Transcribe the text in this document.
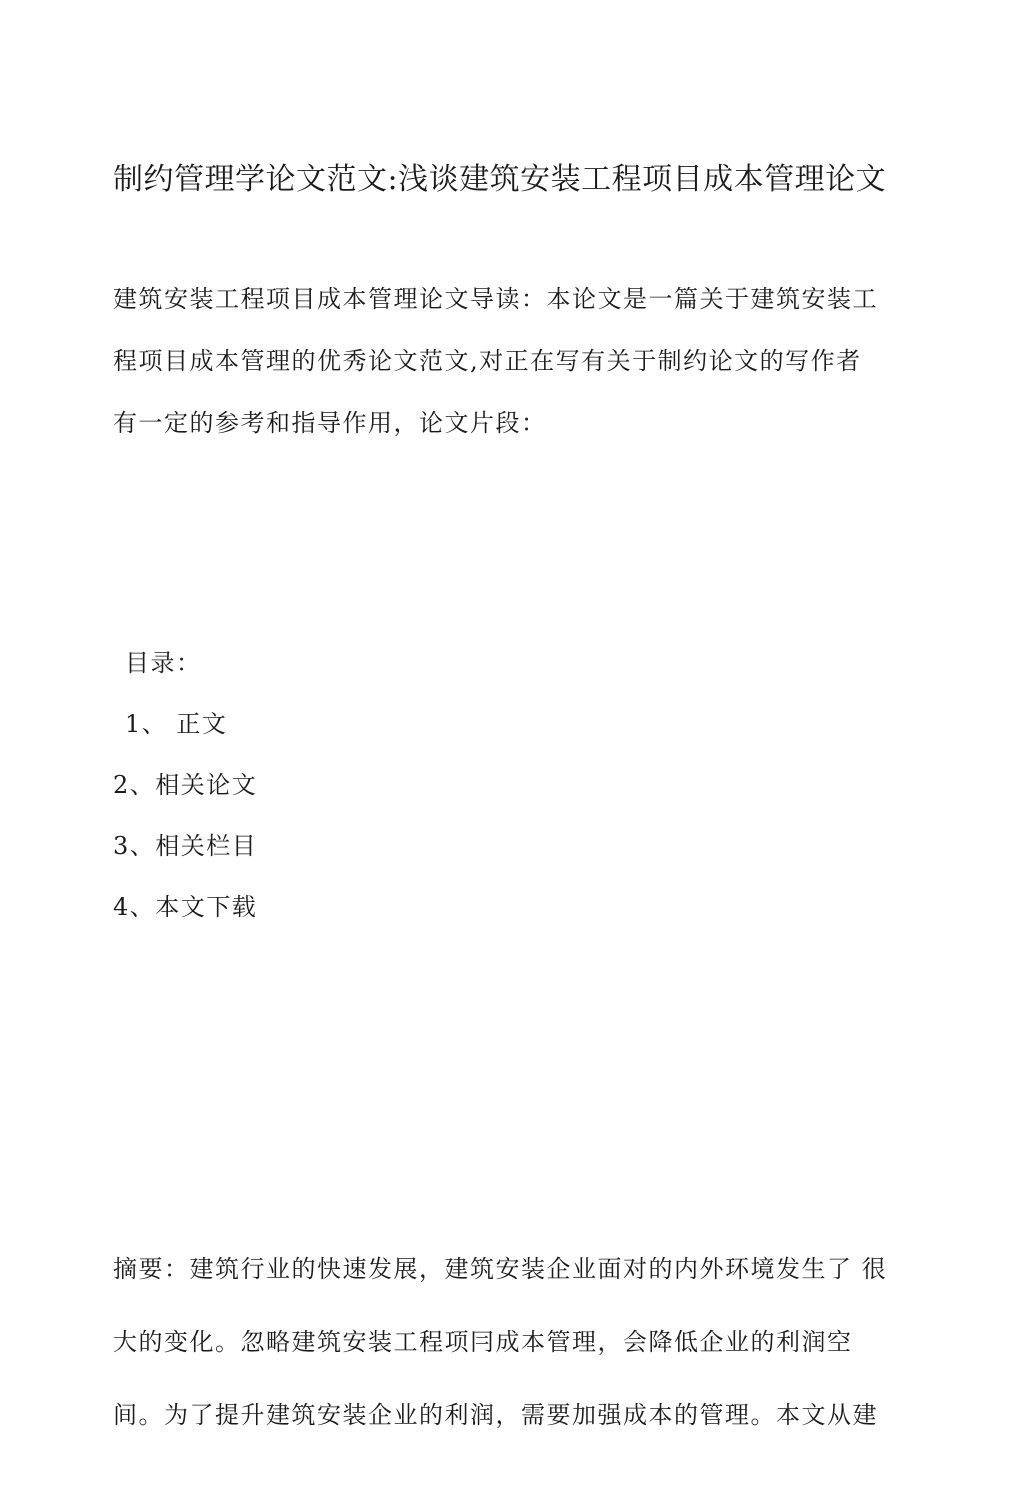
制约管理学论文范文:浅谈建筑安装工程项目成本管理论文
建筑安装工程项目成本管理论文导读：本论文是一篇关于建筑安装工
程项目成本管理的优秀论文范文,对正在写有关于制约论文的写作者
有一定的参考和指导作用，论文片段：
目录：
1、 正文
2、相关论文
3、相关栏目
4、本文下载
摘要：建筑行业的快速发展，建筑安装企业面对的内外环境发生了 很
大的变化。忽略建筑安装工程项冃成本管理，会降低企业的利润空
间。为了提升建筑安装企业的利润，需要加强成本的管理。本文从建
